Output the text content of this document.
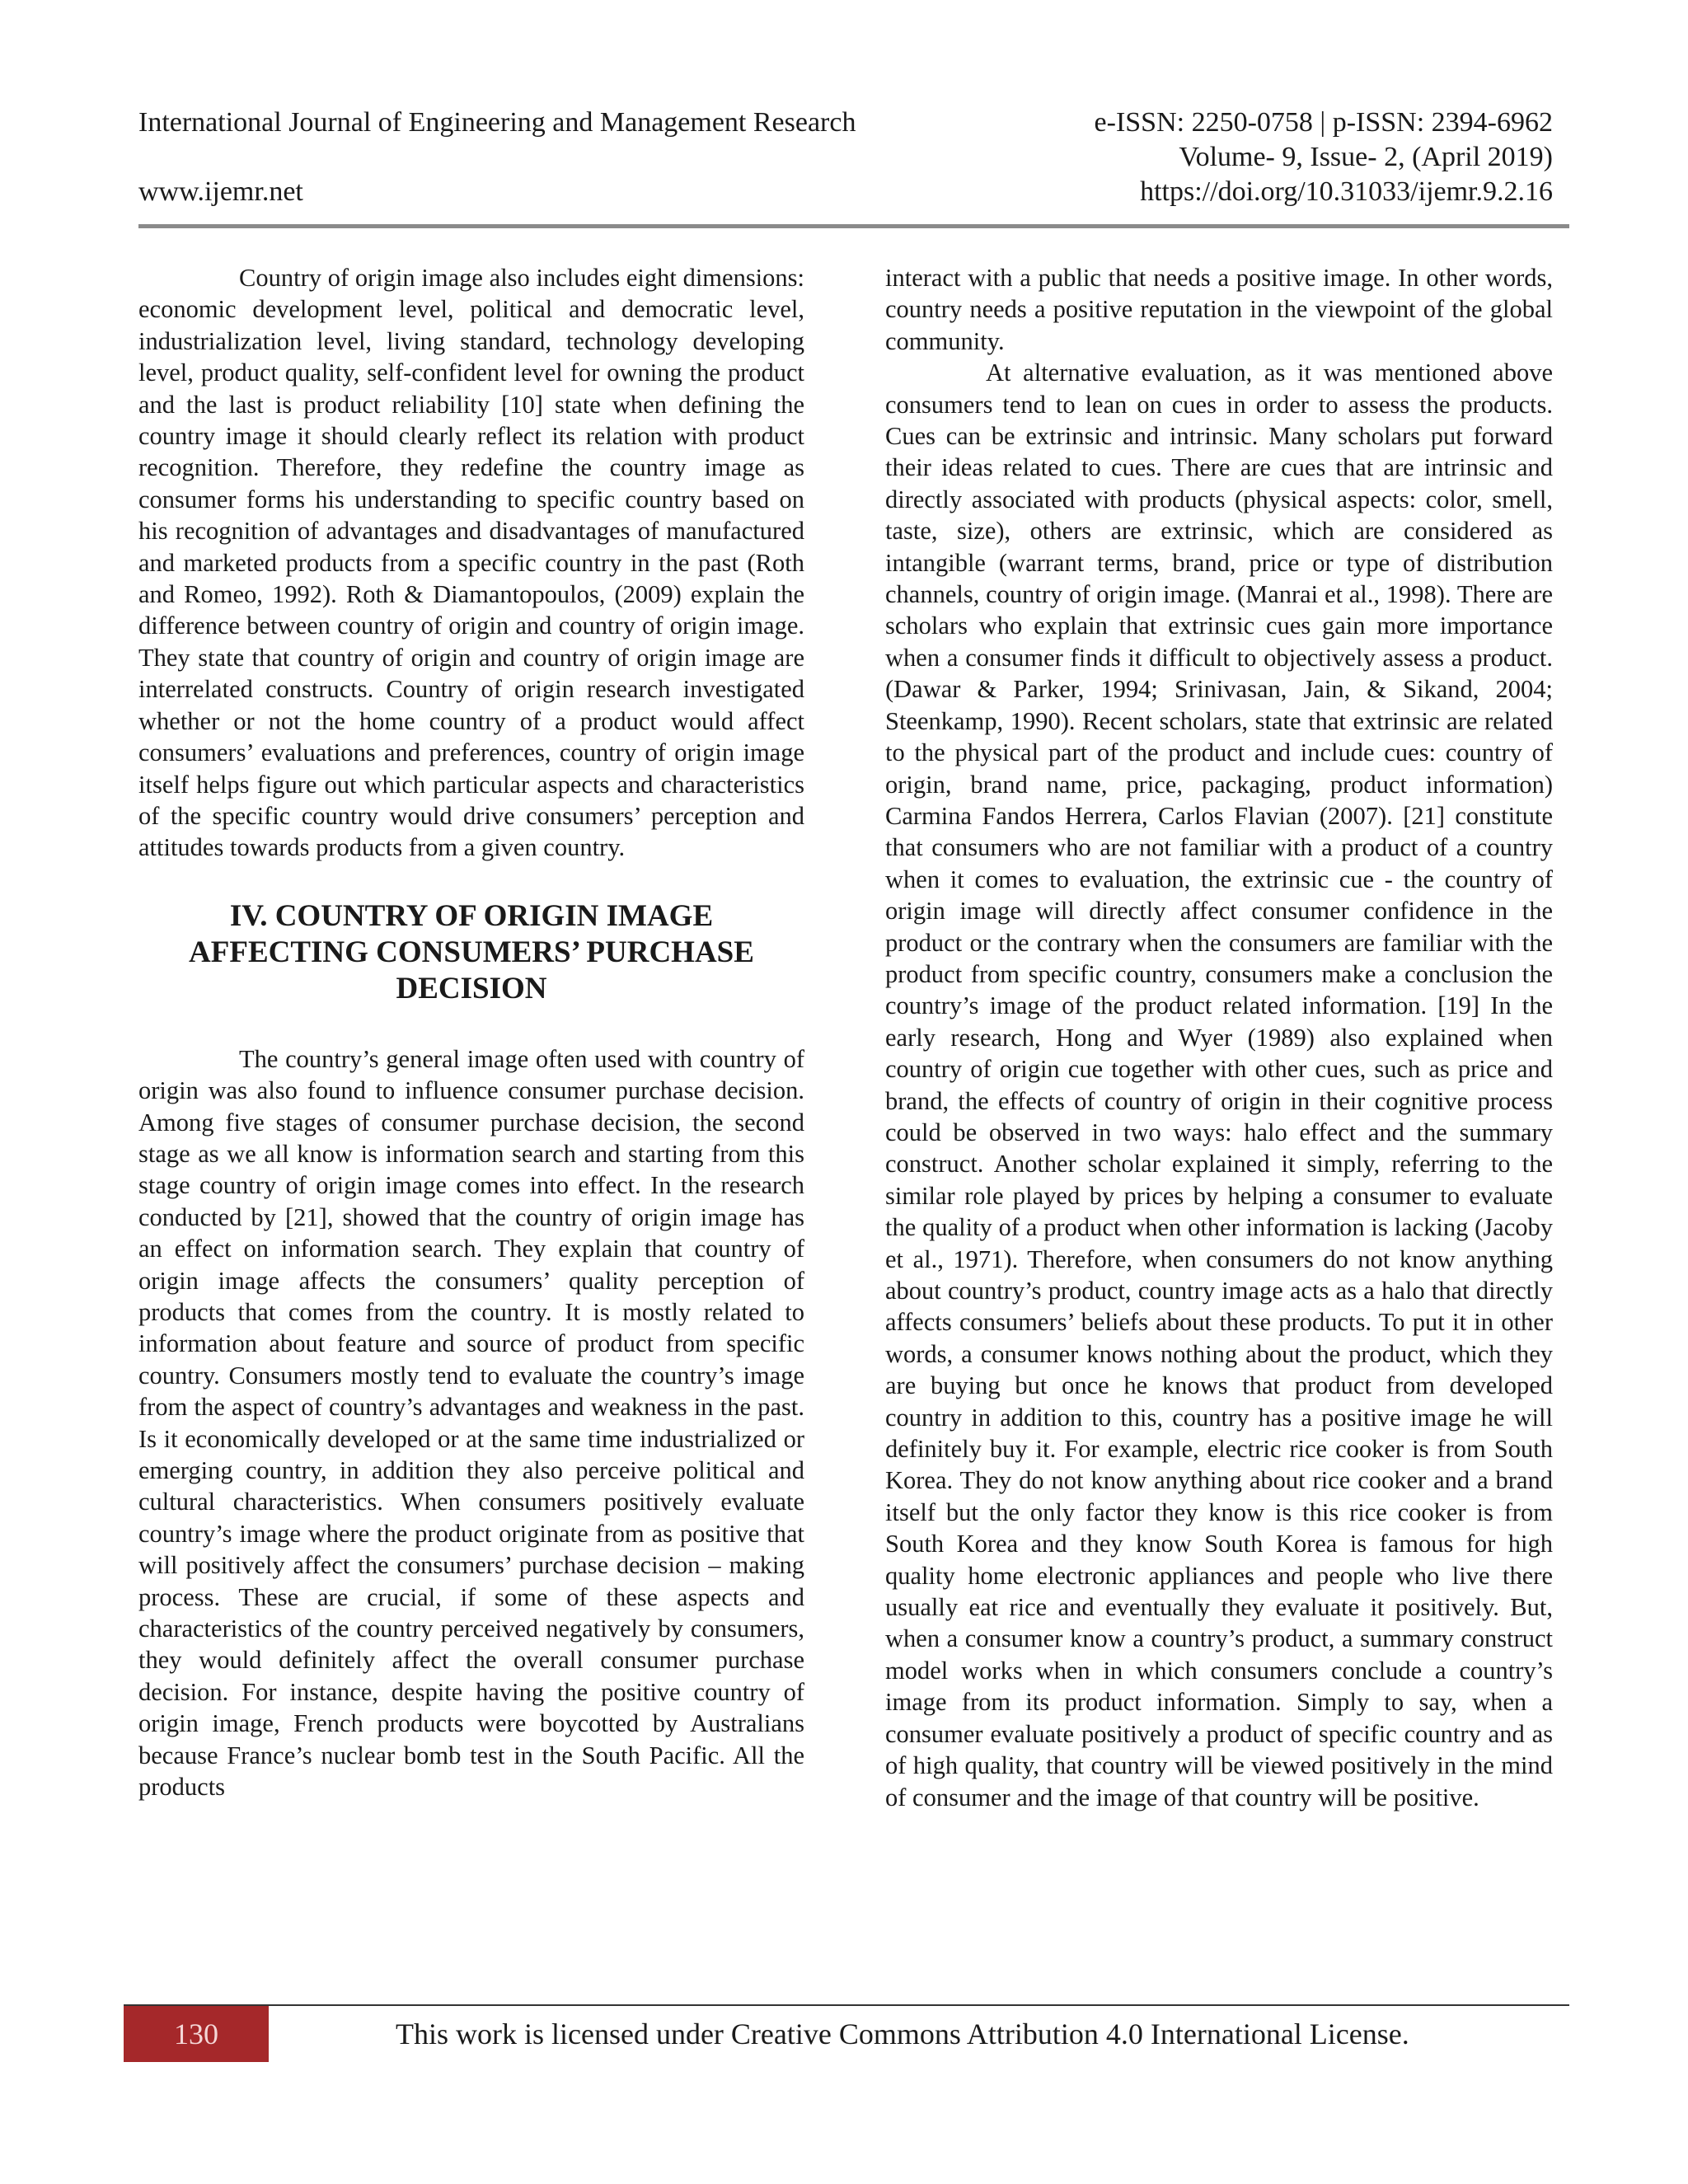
International Journal of Engineering and Management Research	e-ISSN: 2250-0758 | p-ISSN: 2394-6962
Volume- 9, Issue- 2, (April 2019)
www.ijemr.net	https://doi.org/10.31033/ijemr.9.2.16

Country of origin image also includes eight dimensions: economic development level, political and democratic level, industrialization level, living standard, technology developing level, product quality, self-confident level for owning the product and the last is product reliability [10] state when defining the country image it should clearly reflect its relation with product recognition. Therefore, they redefine the country image as consumer forms his understanding to specific country based on his recognition of advantages and disadvantages of manufactured and marketed products from a specific country in the past (Roth and Romeo, 1992). Roth & Diamantopoulos, (2009) explain the difference between country of origin and country of origin image. They state that country of origin and country of origin image are interrelated constructs. Country of origin research investigated whether or not the home country of a product would affect consumers’ evaluations and preferences, country of origin image itself helps figure out which particular aspects and characteristics of the specific country would drive consumers’ perception and attitudes towards products from a given country.

IV. COUNTRY OF ORIGIN IMAGE AFFECTING CONSUMERS’ PURCHASE DECISION

The country’s general image often used with country of origin was also found to influence consumer purchase decision. Among five stages of consumer purchase decision, the second stage as we all know is information search and starting from this stage country of origin image comes into effect. In the research conducted by [21], showed that the country of origin image has an effect on information search. They explain that country of origin image affects the consumers’ quality perception of products that comes from the country. It is mostly related to information about feature and source of product from specific country. Consumers mostly tend to evaluate the country’s image from the aspect of country’s advantages and weakness in the past. Is it economically developed or at the same time industrialized or emerging country, in addition they also perceive political and cultural characteristics. When consumers positively evaluate country’s image where the product originate from as positive that will positively affect the consumers’ purchase decision – making process. These are crucial, if some of these aspects and characteristics of the country perceived negatively by consumers, they would definitely affect the overall consumer purchase decision. For instance, despite having the positive country of origin image, French products were boycotted by Australians because France’s nuclear bomb test in the South Pacific. All the products

interact with a public that needs a positive image. In other words, country needs a positive reputation in the viewpoint of the global community.

At alternative evaluation, as it was mentioned above consumers tend to lean on cues in order to assess the products. Cues can be extrinsic and intrinsic. Many scholars put forward their ideas related to cues. There are cues that are intrinsic and directly associated with products (physical aspects: color, smell, taste, size), others are extrinsic, which are considered as intangible (warrant terms, brand, price or type of distribution channels, country of origin image. (Manrai et al., 1998). There are scholars who explain that extrinsic cues gain more importance when a consumer finds it difficult to objectively assess a product. (Dawar & Parker, 1994; Srinivasan, Jain, & Sikand, 2004; Steenkamp, 1990). Recent scholars, state that extrinsic are related to the physical part of the product and include cues: country of origin, brand name, price, packaging, product information) Carmina Fandos Herrera, Carlos Flavian (2007). [21] constitute that consumers who are not familiar with a product of a country when it comes to evaluation, the extrinsic cue - the country of origin image will directly affect consumer confidence in the product or the contrary when the consumers are familiar with the product from specific country, consumers make a conclusion the country’s image of the product related information. [19] In the early research, Hong and Wyer (1989) also explained when country of origin cue together with other cues, such as price and brand, the effects of country of origin in their cognitive process could be observed in two ways: halo effect and the summary construct. Another scholar explained it simply, referring to the similar role played by prices by helping a consumer to evaluate the quality of a product when other information is lacking (Jacoby et al., 1971). Therefore, when consumers do not know anything about country’s product, country image acts as a halo that directly affects consumers’ beliefs about these products. To put it in other words, a consumer knows nothing about the product, which they are buying but once he knows that product from developed country in addition to this, country has a positive image he will definitely buy it. For example, electric rice cooker is from South Korea. They do not know anything about rice cooker and a brand itself but the only factor they know is this rice cooker is from South Korea and they know South Korea is famous for high quality home electronic appliances and people who live there usually eat rice and eventually they evaluate it positively. But, when a consumer know a country’s product, a summary construct model works when in which consumers conclude a country’s image from its product information. Simply to say, when a consumer evaluate positively a product of specific country and as of high quality, that country will be viewed positively in the mind of consumer and the image of that country will be positive.

130	This work is licensed under Creative Commons Attribution 4.0 International License.
